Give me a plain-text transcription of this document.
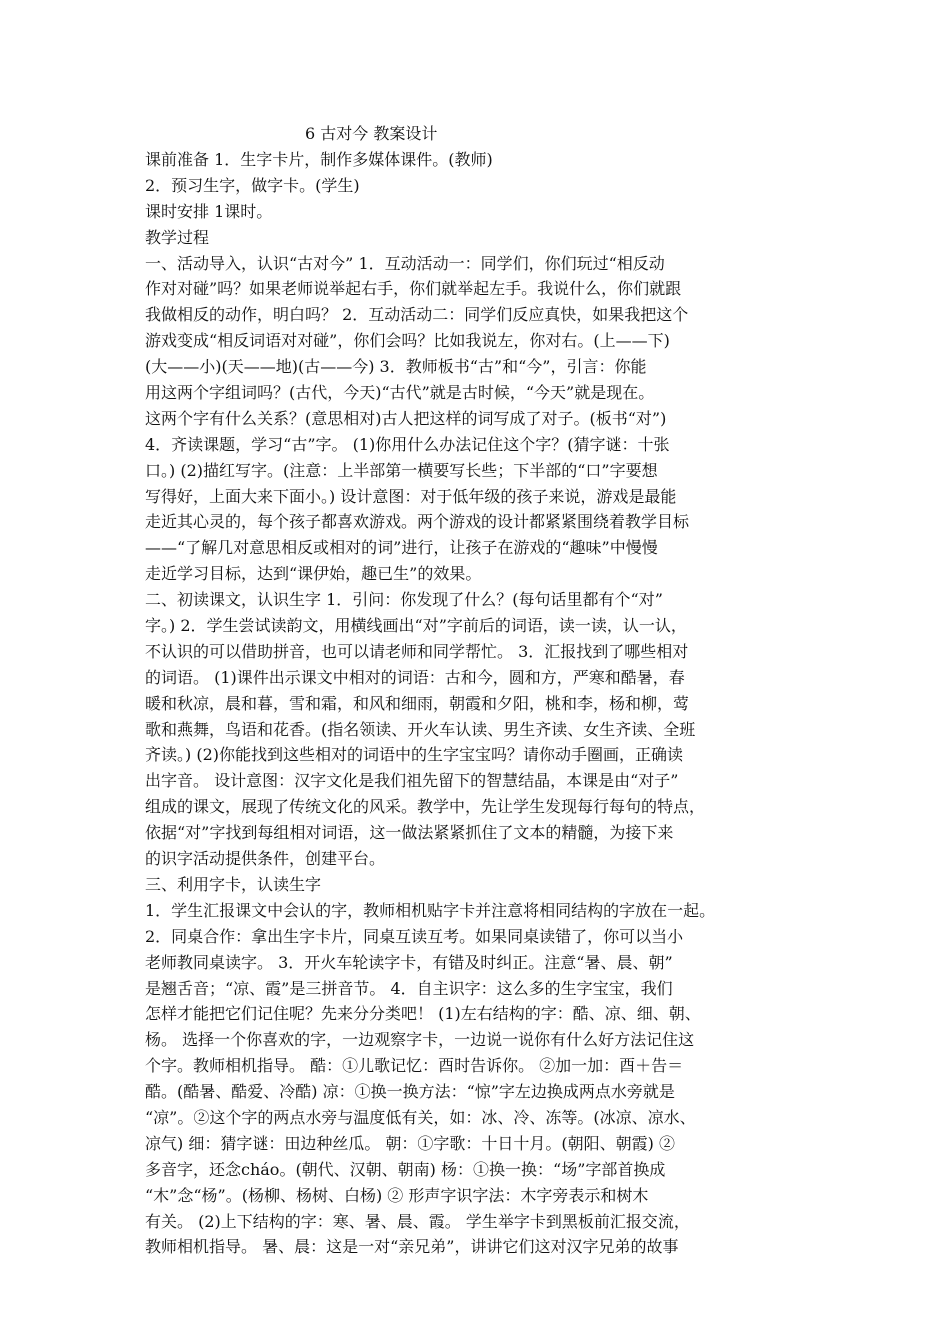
6 古对今 教案设计
课前准备 1．生字卡片，制作多媒体课件。(教师)
2．预习生字，做字卡。(学生)
课时安排 1课时。
教学过程
一、活动导入，认识“古对今” 1．互动活动一：同学们，你们玩过“相反动
作对对碰”吗？如果老师说举起右手，你们就举起左手。我说什么，你们就跟
我做相反的动作，明白吗？ 2．互动活动二：同学们反应真快，如果我把这个
游戏变成“相反词语对对碰”，你们会吗？比如我说左，你对右。(上——下)
(大——小)(天——地)(古——今) 3．教师板书“古”和“今”，引言：你能
用这两个字组词吗？(古代，今天)“古代”就是古时候，“今天”就是现在。
这两个字有什么关系？(意思相对)古人把这样的词写成了对子。(板书“对”)
4．齐读课题，学习“古”字。 (1)你用什么办法记住这个字？(猜字谜：十张
口。) (2)描红写字。(注意：上半部第一横要写长些；下半部的“口”字要想
写得好，上面大来下面小。) 设计意图：对于低年级的孩子来说，游戏是最能
走近其心灵的，每个孩子都喜欢游戏。两个游戏的设计都紧紧围绕着教学目标
——“了解几对意思相反或相对的词”进行，让孩子在游戏的“趣味”中慢慢
走近学习目标，达到“课伊始，趣已生”的效果。
二、初读课文，认识生字 1．引问：你发现了什么？(每句话里都有个“对”
字。) 2．学生尝试读韵文，用横线画出“对”字前后的词语，读一读，认一认，
不认识的可以借助拼音，也可以请老师和同学帮忙。 3．汇报找到了哪些相对
的词语。 (1)课件出示课文中相对的词语：古和今，圆和方，严寒和酷暑，春
暖和秋凉，晨和暮，雪和霜，和风和细雨，朝霞和夕阳，桃和李，杨和柳，莺
歌和燕舞，鸟语和花香。(指名领读、开火车认读、男生齐读、女生齐读、全班
齐读。) (2)你能找到这些相对的词语中的生字宝宝吗？请你动手圈画，正确读
出字音。 设计意图：汉字文化是我们祖先留下的智慧结晶，本课是由“对子”
组成的课文，展现了传统文化的风采。教学中，先让学生发现每行每句的特点，
依据“对”字找到每组相对词语，这一做法紧紧抓住了文本的精髓，为接下来
的识字活动提供条件，创建平台。
三、利用字卡，认读生字
1．学生汇报课文中会认的字，教师相机贴字卡并注意将相同结构的字放在一起。
2．同桌合作：拿出生字卡片，同桌互读互考。如果同桌读错了，你可以当小
老师教同桌读字。 3．开火车轮读字卡，有错及时纠正。注意“暑、晨、朝”
是翘舌音；“凉、霞”是三拼音节。 4．自主识字：这么多的生字宝宝，我们
怎样才能把它们记住呢？先来分分类吧！ (1)左右结构的字：酷、凉、细、朝、
杨。 选择一个你喜欢的字，一边观察字卡，一边说一说你有什么好方法记住这
个字。教师相机指导。 酷：①儿歌记忆：酉时告诉你。 ②加一加：酉＋告＝
酷。(酷暑、酷爱、冷酷) 凉：①换一换方法：“惊”字左边换成两点水旁就是
“凉”。②这个字的两点水旁与温度低有关，如：冰、冷、冻等。(冰凉、凉水、
凉气) 细：猜字谜：田边种丝瓜。 朝：①字歌：十日十月。(朝阳、朝霞) ②
多音字，还念cháo。(朝代、汉朝、朝南) 杨：①换一换：“场”字部首换成
“木”念“杨”。(杨柳、杨树、白杨) ② 形声字识字法：木字旁表示和树木
有关。 (2)上下结构的字：寒、暑、晨、霞。 学生举字卡到黑板前汇报交流，
教师相机指导。 暑、晨：这是一对“亲兄弟”，讲讲它们这对汉字兄弟的故事
